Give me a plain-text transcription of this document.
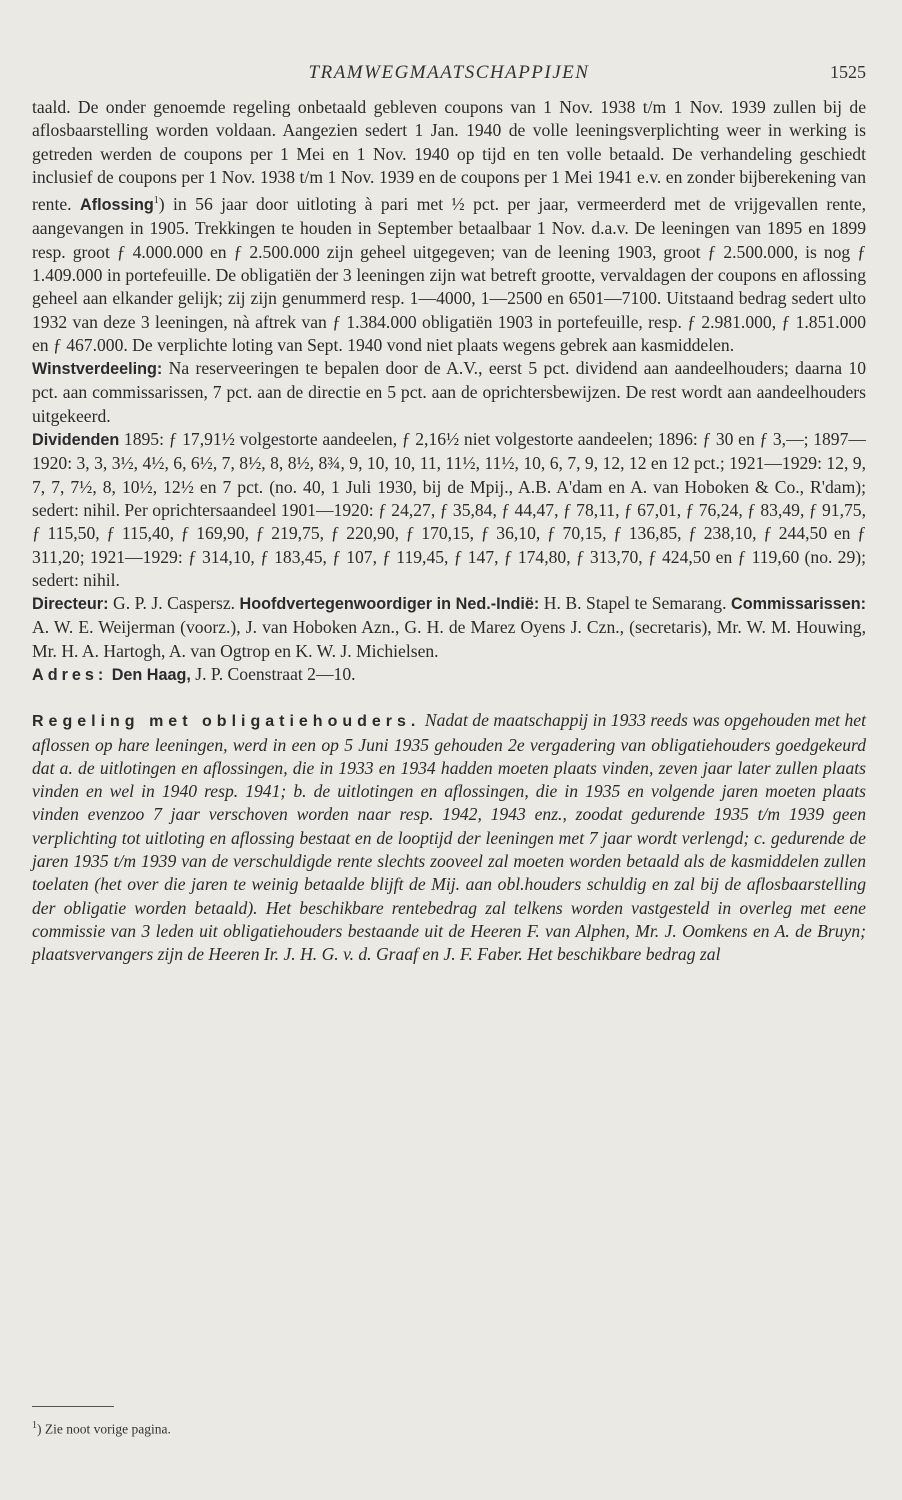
TRAMWEGMAATSCHAPPIJEN	1525

taald. De onder genoemde regeling onbetaald gebleven coupons van 1 Nov. 1938 t/m 1 Nov. 1939 zullen bij de aflosbaarstelling worden voldaan. Aangezien sedert 1 Jan. 1940 de volle leeningsverplichting weer in werking is getreden werden de coupons per 1 Mei en 1 Nov. 1940 op tijd en ten volle betaald. De verhandeling geschiedt inclusief de coupons per 1 Nov. 1938 t/m 1 Nov. 1939 en de coupons per 1 Mei 1941 e.v. en zonder bijberekening van rente. Aflossing$^1$) in 56 jaar door uitloting à pari met ½ pct. per jaar, vermeerderd met de vrijgevallen rente, aangevangen in 1905. Trekkingen te houden in September betaalbaar 1 Nov. d.a.v. De leeningen van 1895 en 1899 resp. groot ƒ 4.000.000 en ƒ 2.500.000 zijn geheel uitgegeven; van de leening 1903, groot ƒ 2.500.000, is nog ƒ 1.409.000 in portefeuille. De obligatiën der 3 leeningen zijn wat betreft grootte, vervaldagen der coupons en aflossing geheel aan elkander gelijk; zij zijn genummerd resp. 1—4000, 1—2500 en 6501—7100. Uitstaand bedrag sedert ulto 1932 van deze 3 leeningen, nà aftrek van ƒ 1.384.000 obligatiën 1903 in portefeuille, resp. ƒ 2.981.000, ƒ 1.851.000 en ƒ 467.000. De verplichte loting van Sept. 1940 vond niet plaats wegens gebrek aan kasmiddelen.

Winstverdeeling: Na reserveeringen te bepalen door de A.V., eerst 5 pct. dividend aan aandeelhouders; daarna 10 pct. aan commissarissen, 7 pct. aan de directie en 5 pct. aan de oprichtersbewijzen. De rest wordt aan aandeelhouders uitgekeerd.

Dividenden 1895: ƒ 17,91½ volgestorte aandeelen, ƒ 2,16½ niet volgestorte aandeelen; 1896: ƒ 30 en ƒ 3,—; 1897—1920: 3, 3, 3½, 4½, 6, 6½, 7, 8½, 8, 8½, 8¾, 9, 10, 10, 11, 11½, 11½, 10, 6, 7, 9, 12, 12 en 12 pct.; 1921—1929: 12, 9, 7, 7, 7½, 8, 10½, 12½ en 7 pct. (no. 40, 1 Juli 1930, bij de Mpij., A.B. A'dam en A. van Hoboken & Co., R'dam); sedert: nihil. Per oprichtersaandeel 1901—1920: ƒ 24,27, ƒ 35,84, ƒ 44,47, ƒ 78,11, ƒ 67,01, ƒ 76,24, ƒ 83,49, ƒ 91,75, ƒ 115,50, ƒ 115,40, ƒ 169,90, ƒ 219,75, ƒ 220,90, ƒ 170,15, ƒ 36,10, ƒ 70,15, ƒ 136,85, ƒ 238,10, ƒ 244,50 en ƒ 311,20; 1921—1929: ƒ 314,10, ƒ 183,45, ƒ 107, ƒ 119,45, ƒ 147, ƒ 174,80, ƒ 313,70, ƒ 424,50 en ƒ 119,60 (no. 29); sedert: nihil.

Directeur: G. P. J. Caspersz. Hoofdvertegenwoordiger in Ned.-Indië: H. B. Stapel te Semarang. Commissarissen: A. W. E. Weijerman (voorz.), J. van Hoboken Azn., G. H. de Marez Oyens J. Czn., (secretaris), Mr. W. M. Houwing, Mr. H. A. Hartogh, A. van Ogtrop en K. W. J. Michielsen.

Adres: Den Haag, J. P. Coenstraat 2—10.

Regeling met obligatiehouders. Nadat de maatschappij in 1933 reeds was opgehouden met het aflossen op hare leeningen, werd in een op 5 Juni 1935 gehouden 2e vergadering van obligatiehouders goedgekeurd dat a. de uitlotingen en aflossingen, die in 1933 en 1934 hadden moeten plaats vinden, zeven jaar later zullen plaats vinden en wel in 1940 resp. 1941; b. de uitlotingen en aflossingen, die in 1935 en volgende jaren moeten plaats vinden evenzoo 7 jaar verschoven worden naar resp. 1942, 1943 enz., zoodat gedurende 1935 t/m 1939 geen verplichting tot uitloting en aflossing bestaat en de looptijd der leeningen met 7 jaar wordt verlengd; c. gedurende de jaren 1935 t/m 1939 van de verschuldigde rente slechts zooveel zal moeten worden betaald als de kasmiddelen zullen toelaten (het over die jaren te weinig betaalde blijft de Mij. aan obl.houders schuldig en zal bij de aflosbaarstelling der obligatie worden betaald). Het beschikbare rentebedrag zal telkens worden vastgesteld in overleg met eene commissie van 3 leden uit obligatiehouders bestaande uit de Heeren F. van Alphen, Mr. J. Oomkens en A. de Bruyn; plaatsvervangers zijn de Heeren Ir. J. H. G. v. d. Graaf en J. F. Faber. Het beschikbare bedrag zal

$^1$) Zie noot vorige pagina.
